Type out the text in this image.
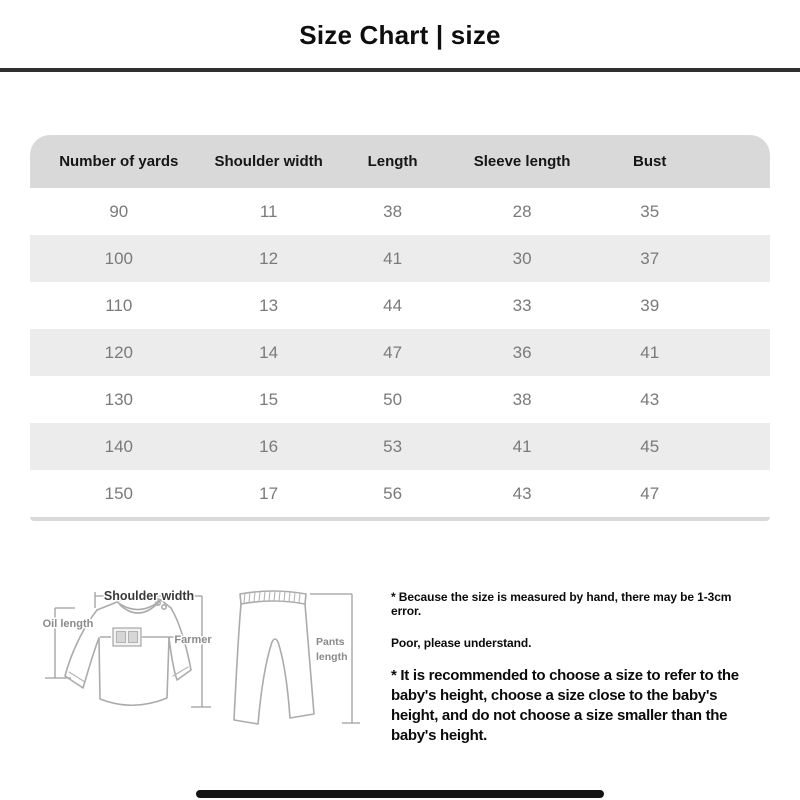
Size Chart | size
Number of yards	Shoulder width	Length	Sleeve length	Bust
90	11	38	28	35
100	12	41	30	37
110	13	44	33	39
120	14	47	36	41
130	15	50	38	43
140	16	53	41	45
150	17	56	43	47
Shoulder width
Oil length
Farmer	Pants
length

* Because the size is measured by hand, there may be 1-3cm error.

Poor, please understand.

* It is recommended to choose a size to refer to the baby's height, choose a size close to the baby's height, and do not choose a size smaller than the baby's height.
